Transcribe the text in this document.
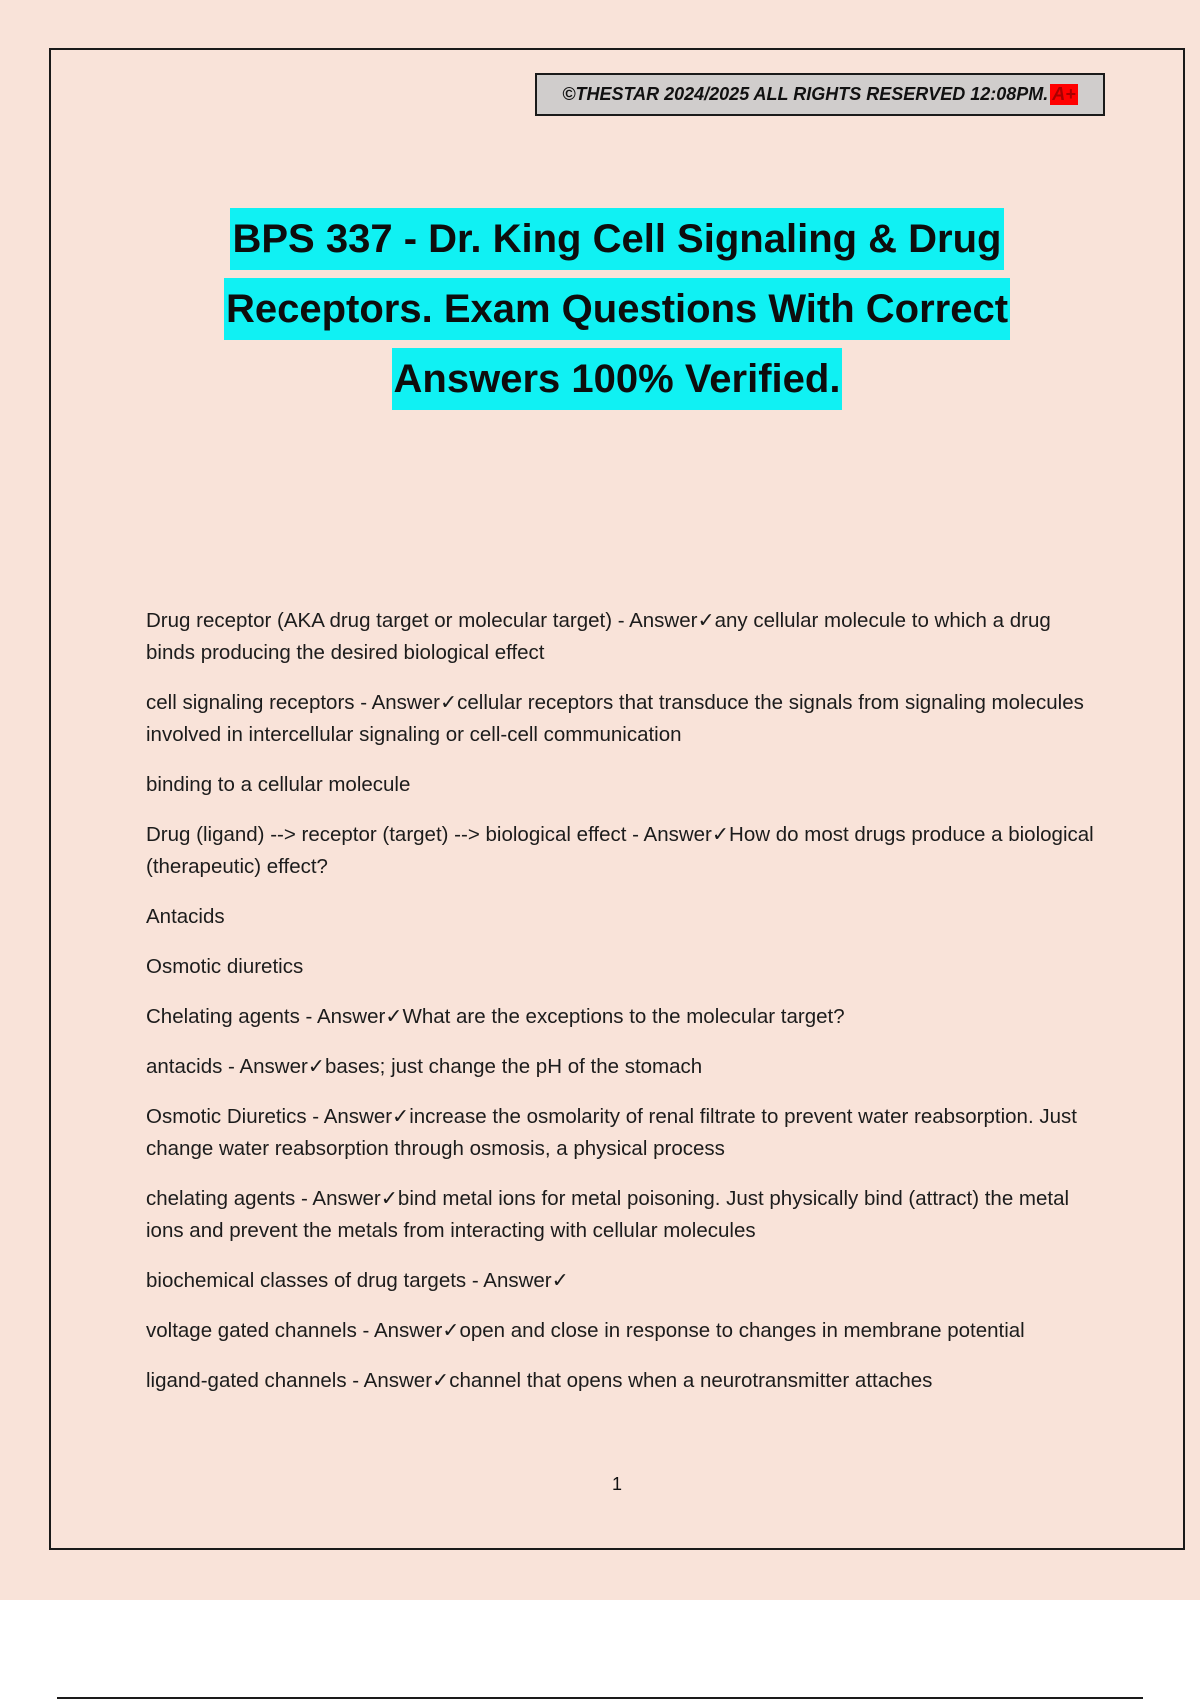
©THESTAR 2024/2025 ALL RIGHTS RESERVED 12:08PM. A+
BPS 337 - Dr. King Cell Signaling & Drug
Receptors. Exam Questions With Correct
Answers 100% Verified.

Drug receptor (AKA drug target or molecular target) - Answer✓any cellular molecule to which a drug binds producing the desired biological effect

cell signaling receptors - Answer✓cellular receptors that transduce the signals from signaling molecules involved in intercellular signaling or cell-cell communication

binding to a cellular molecule

Drug (ligand) --> receptor (target) --> biological effect - Answer✓How do most drugs produce a biological (therapeutic) effect?

Antacids

Osmotic diuretics

Chelating agents - Answer✓What are the exceptions to the molecular target?

antacids - Answer✓bases; just change the pH of the stomach

Osmotic Diuretics - Answer✓increase the osmolarity of renal filtrate to prevent water reabsorption. Just change water reabsorption through osmosis, a physical process

chelating agents - Answer✓bind metal ions for metal poisoning. Just physically bind (attract) the metal ions and prevent the metals from interacting with cellular molecules

biochemical classes of drug targets - Answer✓

voltage gated channels - Answer✓open and close in response to changes in membrane potential

ligand-gated channels - Answer✓channel that opens when a neurotransmitter attaches

1
